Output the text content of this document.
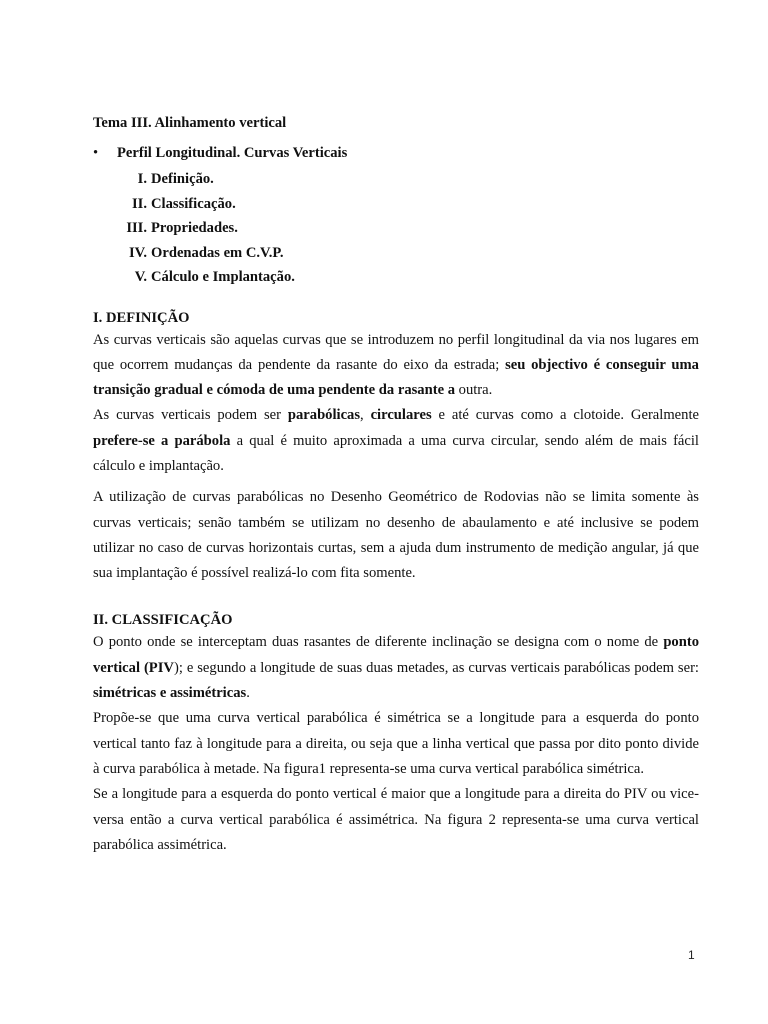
Tema III. Alinhamento vertical

•	Perfil Longitudinal. Curvas Verticais
I. Definição.
II. Classificação.
III. Propriedades.
IV. Ordenadas em C.V.P.
V. Cálculo e Implantação.

I. DEFINIÇÃO

As curvas verticais são aquelas curvas que se introduzem no perfil longitudinal da via nos lugares em que ocorrem mudanças da pendente da rasante do eixo da estrada; seu objectivo é conseguir uma transição gradual e cómoda de uma pendente da rasante a outra.

As curvas verticais podem ser parabólicas, circulares e até curvas como a clotoide. Geralmente prefere-se a parábola a qual é muito aproximada a uma curva circular, sendo além de mais fácil cálculo e implantação.

A utilização de curvas parabólicas no Desenho Geométrico de Rodovias não se limita somente às curvas verticais; senão também se utilizam no desenho de abaulamento e até inclusive se podem utilizar no caso de curvas horizontais curtas, sem a ajuda dum instrumento de medição angular, já que sua implantação é possível realizá-lo com fita somente.

II. CLASSIFICAÇÃO

O ponto onde se interceptam duas rasantes de diferente inclinação se designa com o nome de ponto vertical (PIV); e segundo a longitude de suas duas metades, as curvas verticais parabólicas podem ser: simétricas e assimétricas.

Propõe-se que uma curva vertical parabólica é simétrica se a longitude para a esquerda do ponto vertical tanto faz à longitude para a direita, ou seja que a linha vertical que passa por dito ponto divide à curva parabólica à metade. Na figura1 representa-se uma curva vertical parabólica simétrica.

Se a longitude para a esquerda do ponto vertical é maior que a longitude para a direita do PIV ou vice-versa então a curva vertical parabólica é assimétrica. Na figura 2 representa-se uma curva vertical parabólica assimétrica.

1
